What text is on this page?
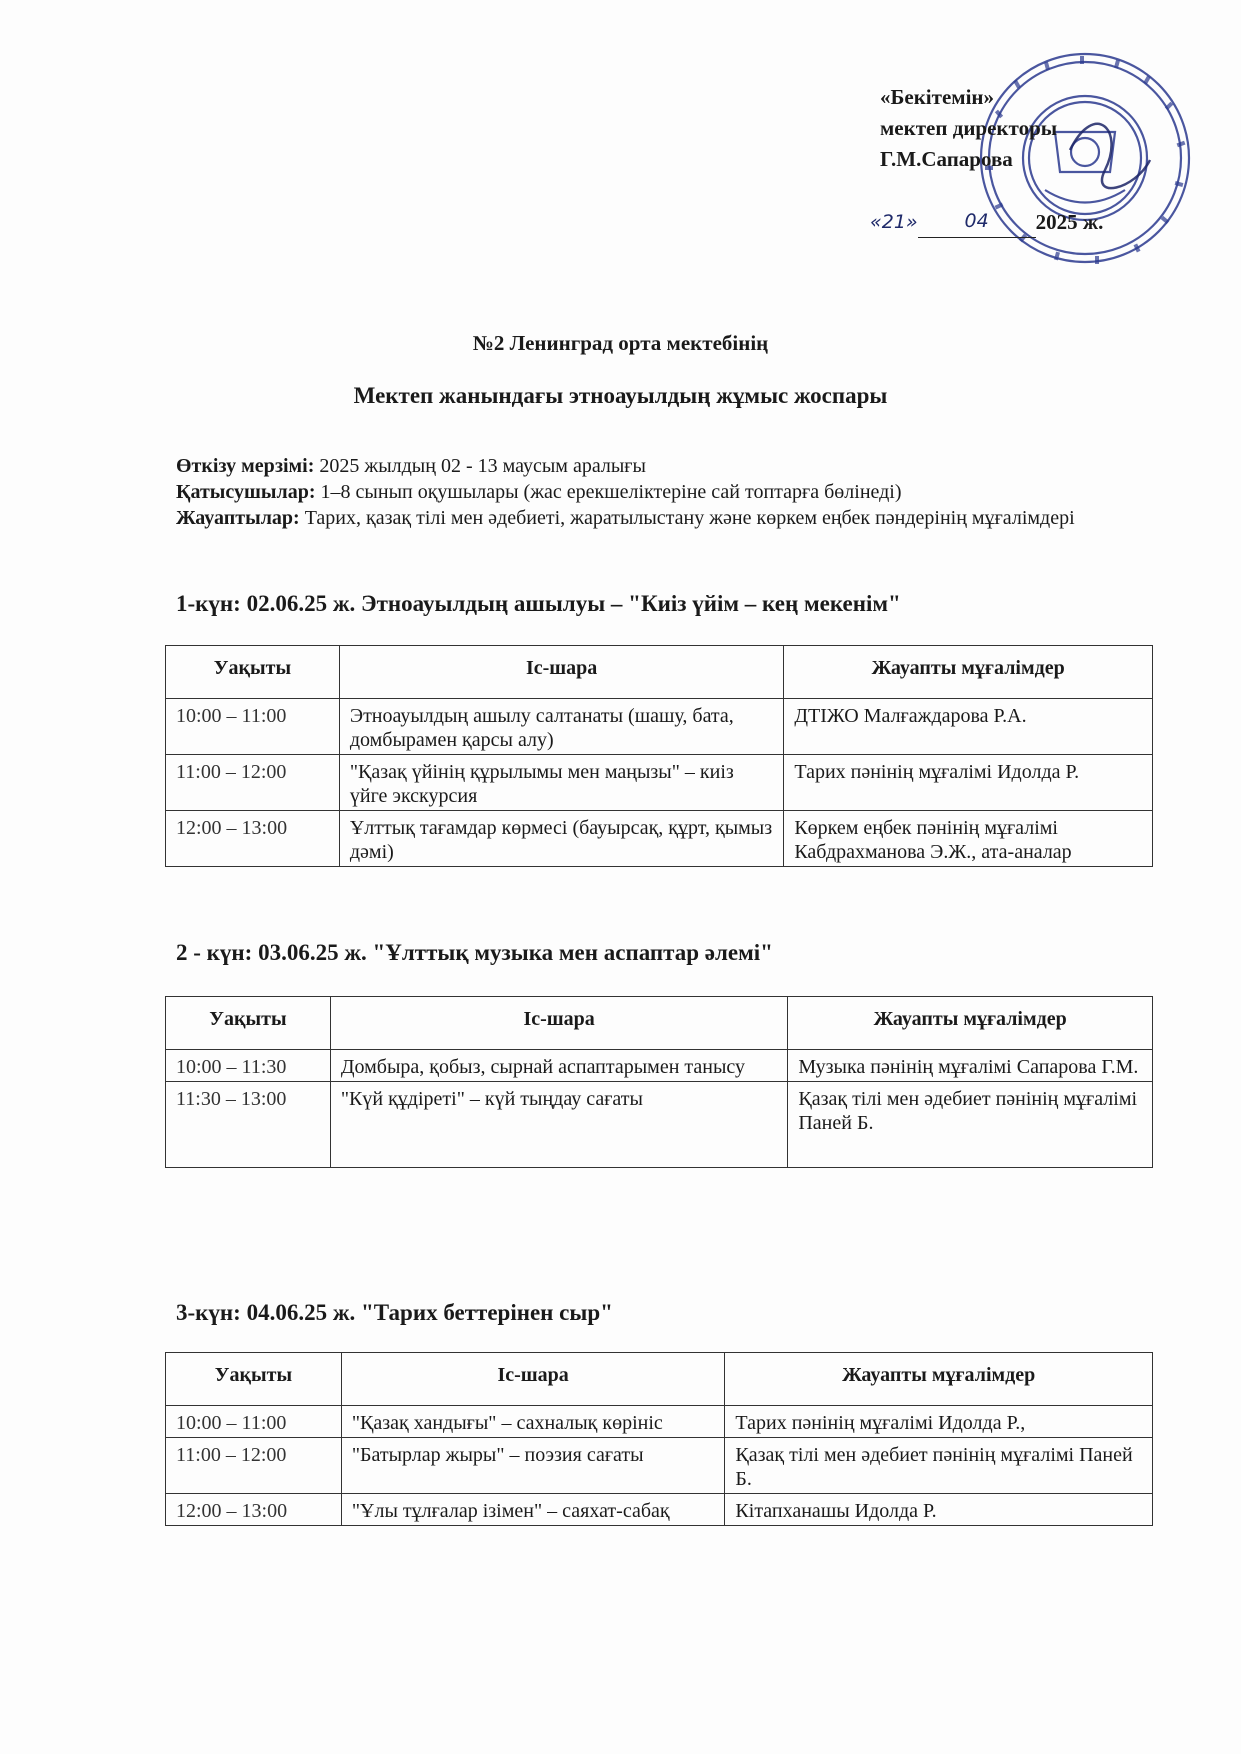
«Бекітемін»
мектеп директоры
Г.М.Сапарова
«21»	04	2025 ж.
№2 Ленинград орта мектебінің
Мектеп жанындағы этноауылдың жұмыс жоспары
Өткізу мерзімі: 2025 жылдың 02 - 13 маусым аралығы
Қатысушылар: 1–8 сынып оқушылары (жас ерекшеліктеріне сай топтарға бөлінеді)
Жауаптылар: Тарих, қазақ тілі мен әдебиеті, жаратылыстану және көркем еңбек пәндерінің мұғалімдері
1-күн: 02.06.25 ж. Этноауылдың ашылуы – "Киіз үйім – кең мекенім"
Уақыты	Іс-шара	Жауапты мұғалімдер
10:00 – 11:00	Этноауылдың ашылу салтанаты (шашу, бата, домбырамен қарсы алу)	ДТІЖО Малғаждарова Р.А.
11:00 – 12:00	"Қазақ үйінің құрылымы мен маңызы" – киіз үйге экскурсия	Тарих пәнінің мұғалімі Идолда Р.
12:00 – 13:00	Ұлттық тағамдар көрмесі (бауырсақ, құрт, қымыз дәмі)	Көркем еңбек пәнінің мұғалімі Кабдрахманова Э.Ж., ата-аналар
2 - күн: 03.06.25 ж. "Ұлттық музыка мен аспаптар әлемі"
Уақыты	Іс-шара	Жауапты мұғалімдер
10:00 – 11:30	Домбыра, қобыз, сырнай аспаптарымен танысу	Музыка пәнінің мұғалімі Сапарова Г.М.
11:30 – 13:00	"Күй құдіреті" – күй тыңдау сағаты	Қазақ тілі мен әдебиет пәнінің мұғалімі Паней Б.
3-күн: 04.06.25 ж. "Тарих беттерінен сыр"
Уақыты	Іс-шара	Жауапты мұғалімдер
10:00 – 11:00	"Қазақ хандығы" – сахналық көрініс	Тарих пәнінің мұғалімі Идолда Р.,
11:00 – 12:00	"Батырлар жыры" – поэзия сағаты	Қазақ тілі мен әдебиет пәнінің мұғалімі Паней Б.
12:00 – 13:00	"Ұлы тұлғалар ізімен" – саяхат-сабақ	Кітапханашы Идолда Р.
